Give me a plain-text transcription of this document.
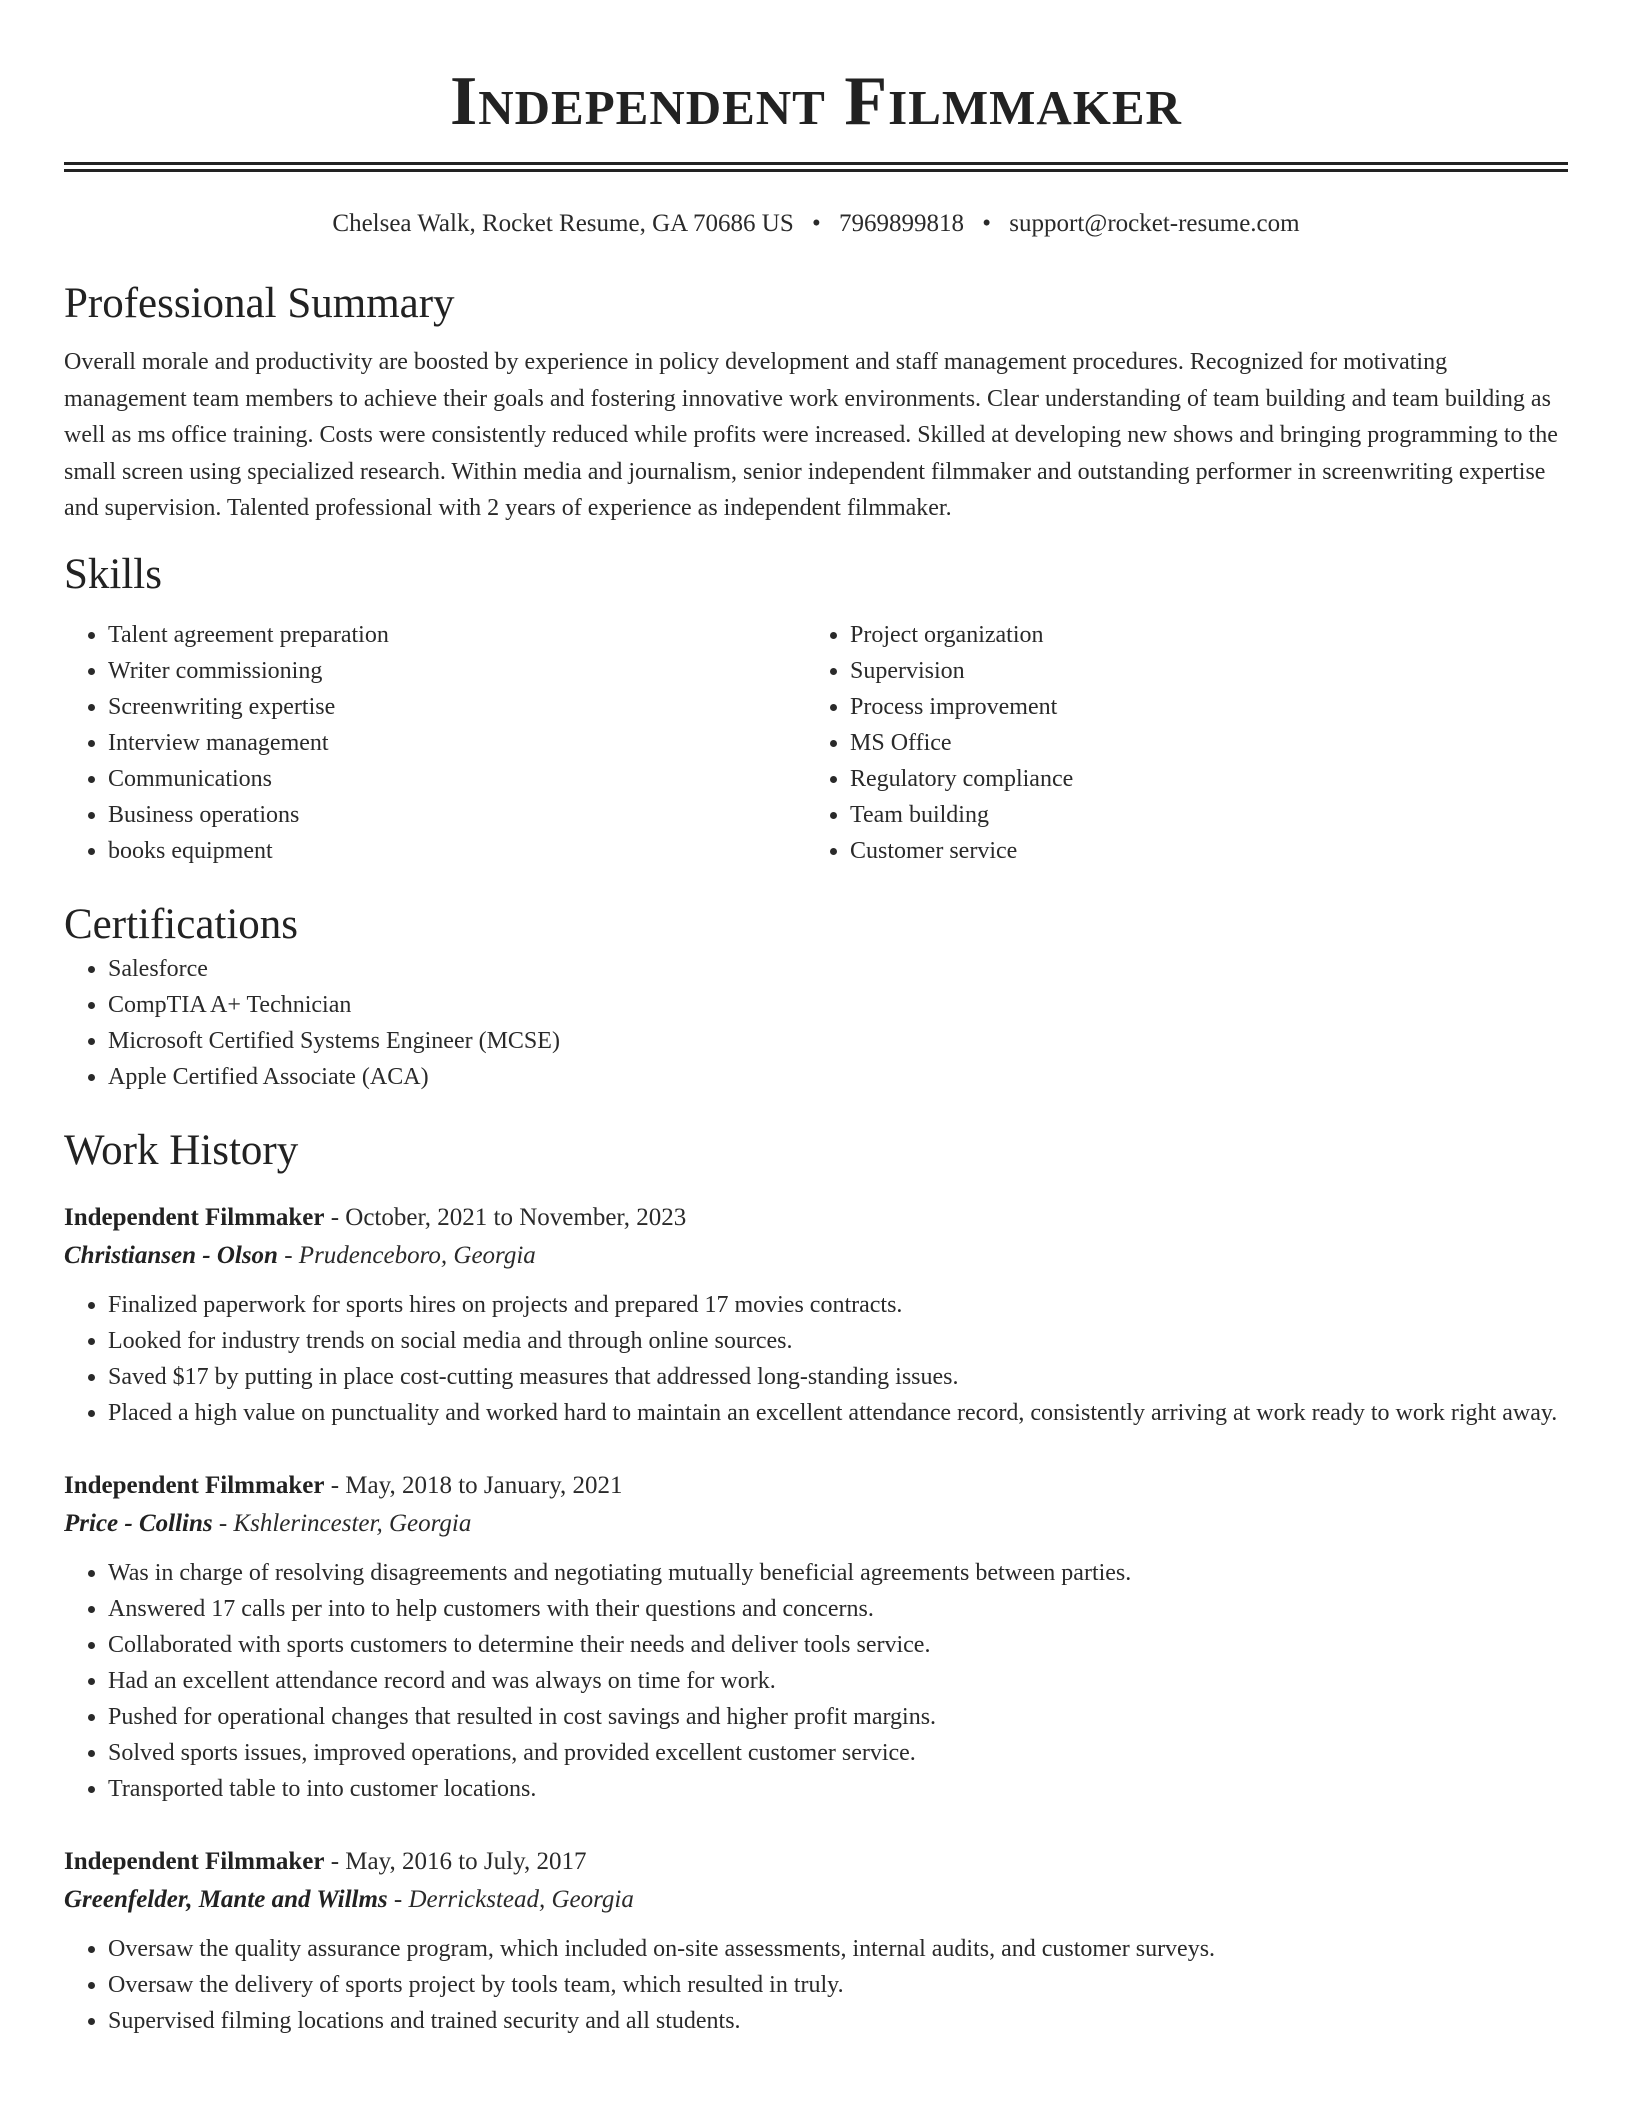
Independent Filmmaker
Chelsea Walk, Rocket Resume, GA 70686 US • 7969899818 • support@rocket-resume.com
Professional Summary

Overall morale and productivity are boosted by experience in policy development and staff management procedures. Recognized for motivating management team members to achieve their goals and fostering innovative work environments. Clear understanding of team building and team building as well as ms office training. Costs were consistently reduced while profits were increased. Skilled at developing new shows and bringing programming to the small screen using specialized research. Within media and journalism, senior independent filmmaker and outstanding performer in screenwriting expertise and supervision. Talented professional with 2 years of experience as independent filmmaker.

Skills
• Talent agreement preparation
• Writer commissioning
• Screenwriting expertise
• Interview management
• Communications
• Business operations
• books equipment
• Project organization
• Supervision
• Process improvement
• MS Office
• Regulatory compliance
• Team building
• Customer service
Certifications
• Salesforce
• CompTIA A+ Technician
• Microsoft Certified Systems Engineer (MCSE)
• Apple Certified Associate (ACA)
Work History
Independent Filmmaker - October, 2021 to November, 2023
Christiansen - Olson - Prudenceboro, Georgia
• Finalized paperwork for sports hires on projects and prepared 17 movies contracts.
• Looked for industry trends on social media and through online sources.
• Saved $17 by putting in place cost-cutting measures that addressed long-standing issues.
• Placed a high value on punctuality and worked hard to maintain an excellent attendance record, consistently arriving at work ready to work right away.
Independent Filmmaker - May, 2018 to January, 2021
Price - Collins - Kshlerincester, Georgia
• Was in charge of resolving disagreements and negotiating mutually beneficial agreements between parties.
• Answered 17 calls per into to help customers with their questions and concerns.
• Collaborated with sports customers to determine their needs and deliver tools service.
• Had an excellent attendance record and was always on time for work.
• Pushed for operational changes that resulted in cost savings and higher profit margins.
• Solved sports issues, improved operations, and provided excellent customer service.
• Transported table to into customer locations.
Independent Filmmaker - May, 2016 to July, 2017
Greenfelder, Mante and Willms - Derrickstead, Georgia
• Oversaw the quality assurance program, which included on-site assessments, internal audits, and customer surveys.
• Oversaw the delivery of sports project by tools team, which resulted in truly.
• Supervised filming locations and trained security and all students.
